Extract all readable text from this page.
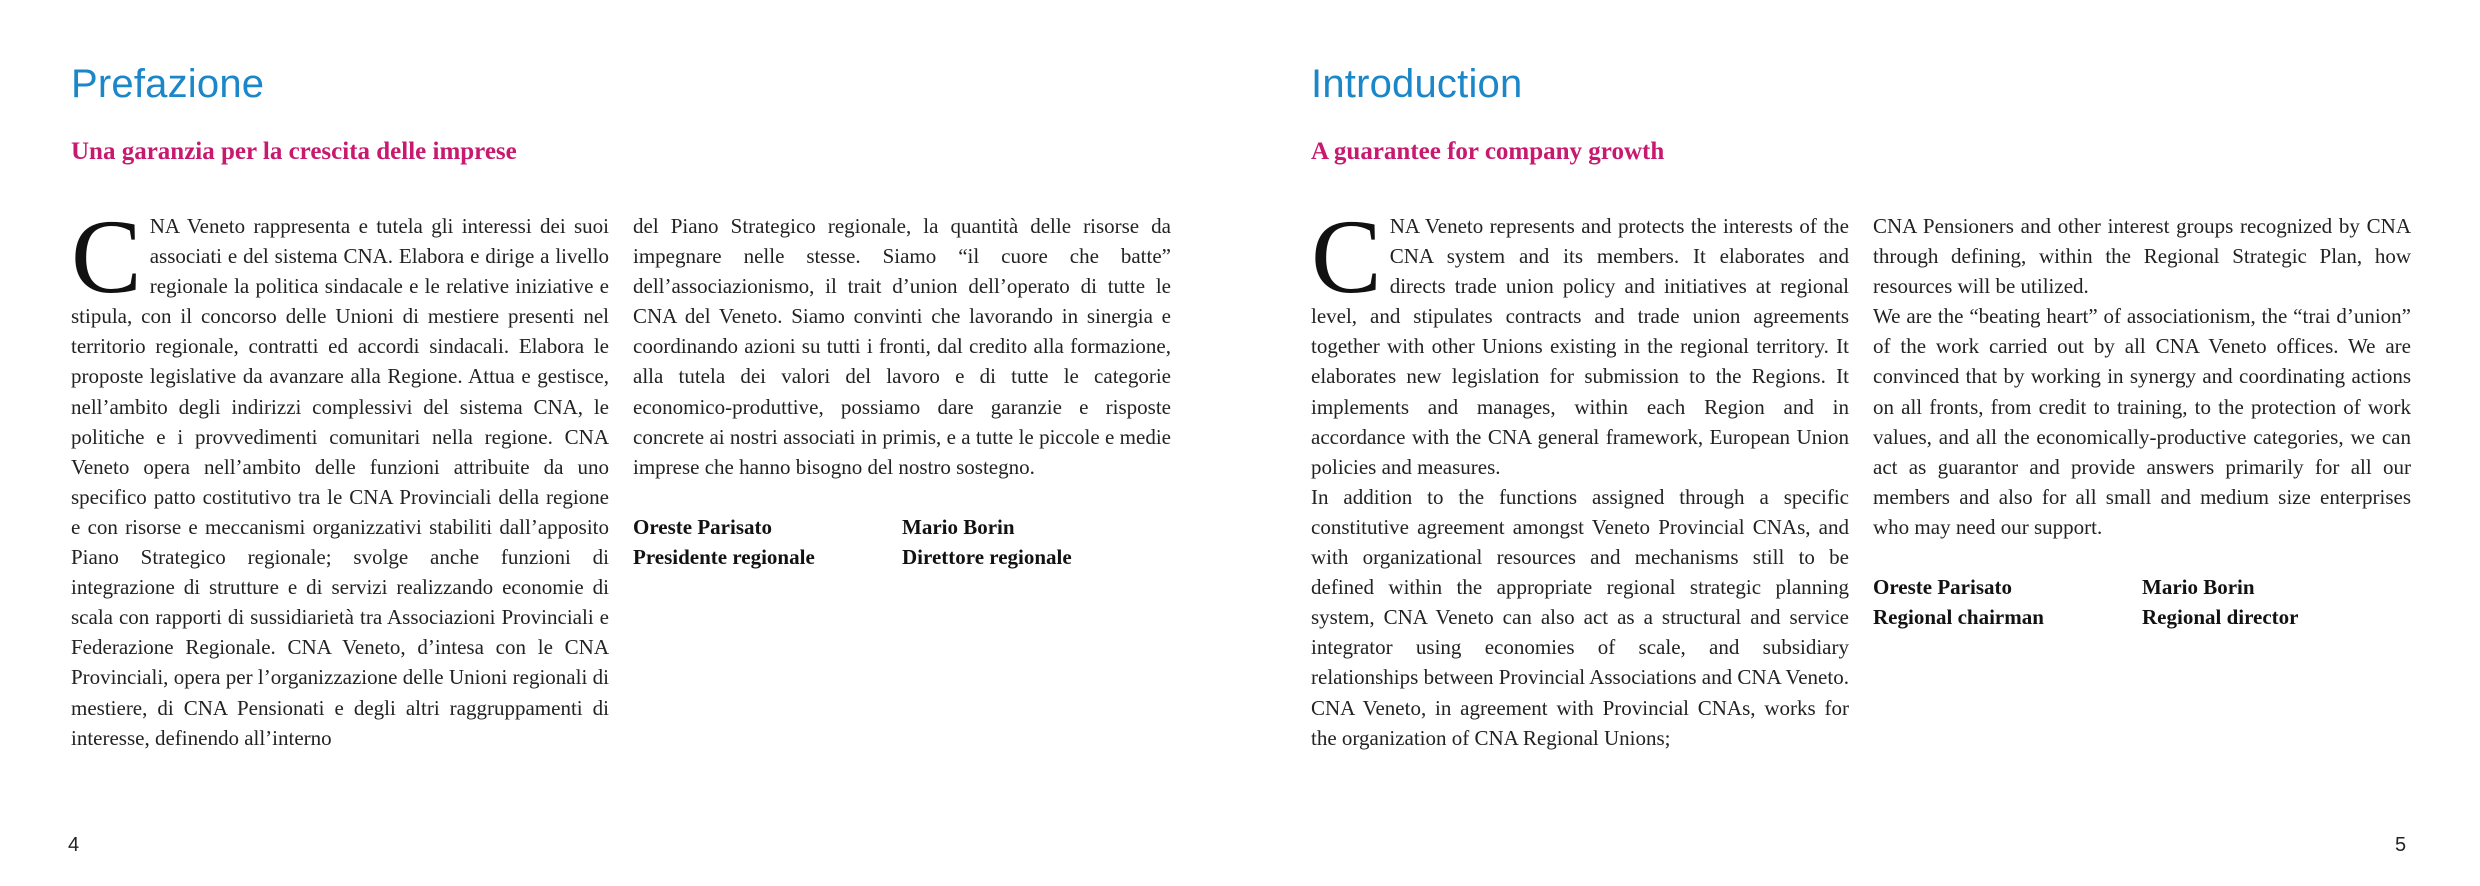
Prefazione
Una garanzia per la crescita delle imprese

CNA Veneto rappresenta e tutela gli interessi dei suoi associati e del sistema CNA. Elabora e dirige a livello regionale la politica sindacale e le relative iniziative e stipula, con il concorso delle Unioni di mestiere presenti nel territorio regionale, contratti ed accordi sindacali. Elabora le proposte legislative da avanzare alla Regione. Attua e gestisce, nell’ambito degli indirizzi complessivi del sistema CNA, le politiche e i provvedimenti comunitari nella regione. CNA Veneto opera nell’ambito delle funzioni attribuite da uno specifico patto costitutivo tra le CNA Provinciali della regione e con risorse e meccanismi organizzativi stabiliti dall’apposito Piano Strategico regionale; svolge anche funzioni di integrazione di strutture e di servizi realizzando economie di scala con rapporti di sussidiarietà tra Associazioni Provinciali e Federazione Regionale. CNA Veneto, d’intesa con le CNA Provinciali, opera per l’organizzazione delle Unioni regionali di mestiere, di CNA Pensionati e degli altri raggruppamenti di interesse, definendo all’interno

del Piano Strategico regionale, la quantità delle risorse da impegnare nelle stesse. Siamo “il cuore che batte” dell’associazionismo, il trait d’union dell’operato di tutte le CNA del Veneto. Siamo convinti che lavorando in sinergia e coordinando azioni su tutti i fronti, dal credito alla formazione, alla tutela dei valori del lavoro e di tutte le categorie economico-produttive, possiamo dare garanzie e risposte concrete ai nostri associati in primis, e a tutte le piccole e medie imprese che hanno bisogno del nostro sostegno.

Oreste Parisato
Presidente regionale
Mario Borin
Direttore regionale
4
Introduction
A guarantee for company growth

CNA Veneto represents and protects the interests of the CNA system and its members. It elaborates and directs trade union policy and initiatives at regional level, and stipulates contracts and trade union agreements together with other Unions existing in the regional territory. It elaborates new legislation for submission to the Regions. It implements and manages, within each Region and in accordance with the CNA general framework, European Union policies and measures.

In addition to the functions assigned through a specific constitutive agreement amongst Veneto Provincial CNAs, and with organizational resources and mechanisms still to be defined within the appropriate regional strategic planning system, CNA Veneto can also act as a structural and service integrator using economies of scale, and subsidiary relationships between Provincial Associations and CNA Veneto.

CNA Veneto, in agreement with Provincial CNAs, works for the organization of CNA Regional Unions;

CNA Pensioners and other interest groups recognized by CNA through defining, within the Regional Strategic Plan, how resources will be utilized.

We are the “beating heart” of associationism, the “trai d’union” of the work carried out by all CNA Veneto offices. We are convinced that by working in synergy and coordinating actions on all fronts, from credit to training, to the protection of work values, and all the economically-productive categories, we can act as guarantor and provide answers primarily for all our members and also for all small and medium size enterprises who may need our support.

Oreste Parisato
Regional chairman
Mario Borin
Regional director
5
